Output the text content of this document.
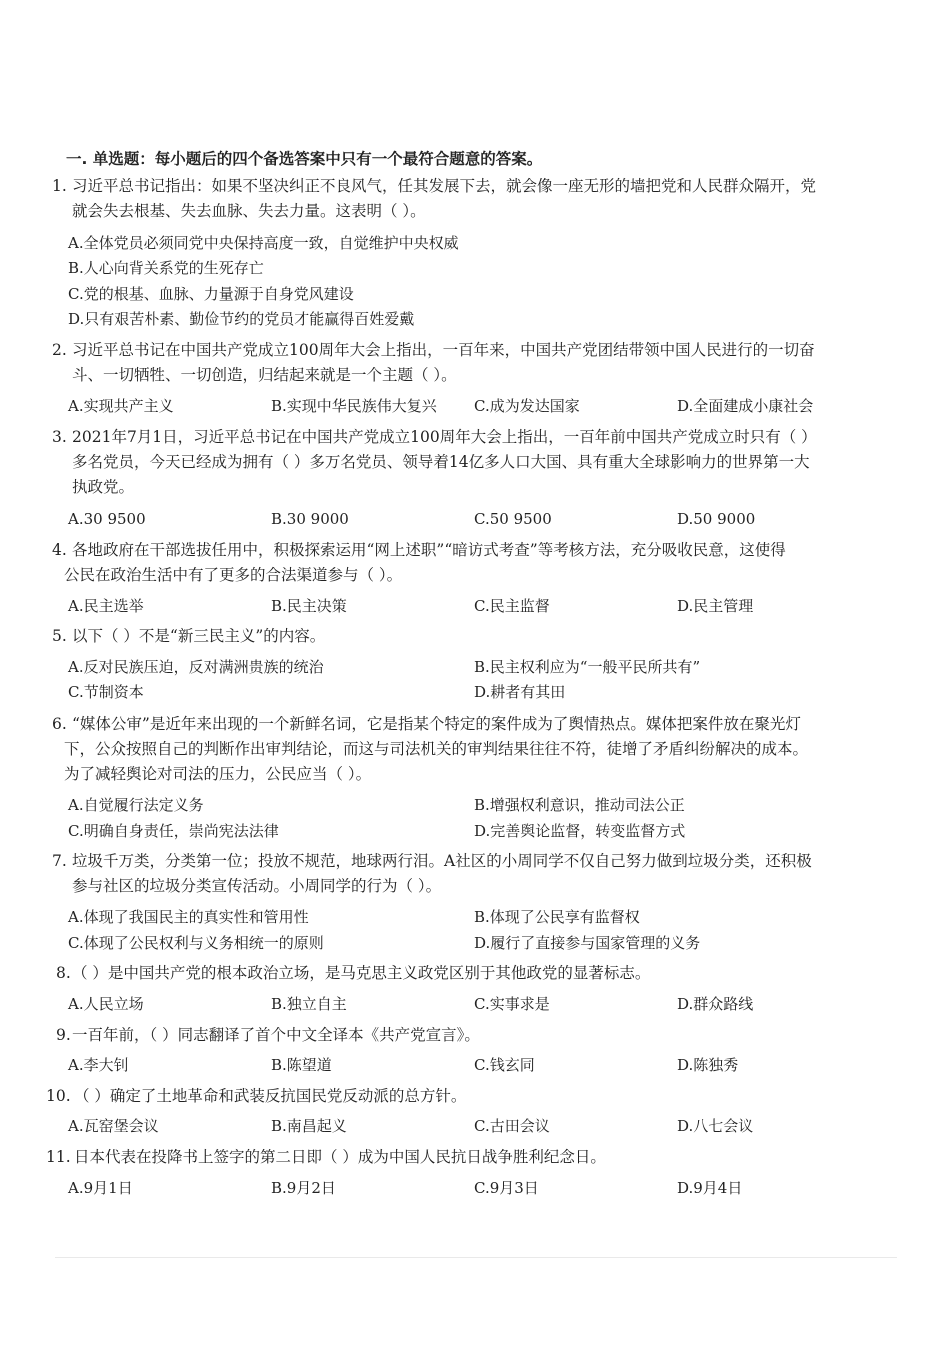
一. 单选题：每小题后的四个备选答案中只有一个最符合题意的答案。
1. 习近平总书记指出：如果不坚决纠正不良风气，任其发展下去，就会像一座无形的墙把党和人民群众隔开，党
就会失去根基、失去血脉、失去力量。这表明（ ）。
A.全体党员必须同党中央保持高度一致，自觉维护中央权威
B.人心向背关系党的生死存亡
C.党的根基、血脉、力量源于自身党风建设
D.只有艰苦朴素、勤俭节约的党员才能赢得百姓爱戴
2. 习近平总书记在中国共产党成立100周年大会上指出，一百年来，中国共产党团结带领中国人民进行的一切奋
斗、一切牺牲、一切创造，归结起来就是一个主题（ ）。
A.实现共产主义	B.实现中华民族伟大复兴 C.成为发达国家	D.全面建成小康社会
3. 2021年7月1日，习近平总书记在中国共产党成立100周年大会上指出，一百年前中国共产党成立时只有（ ）
多名党员，今天已经成为拥有（ ）多万名党员、领导着14亿多人口大国、具有重大全球影响力的世界第一大
执政党。
A.30 9500	B.30 9000	C.50 9500	D.50 9000
4. 各地政府在干部选拔任用中，积极探索运用“网上述职”“暗访式考查”等考核方法，充分吸收民意，这使得
公民在政治生活中有了更多的合法渠道参与（ ）。
A.民主选举	B.民主决策	C.民主监督	D.民主管理
5. 以下（ ）不是“新三民主义”的内容。
A.反对民族压迫，反对满洲贵族的统治	B.民主权利应为“一般平民所共有”
C.节制资本	D.耕者有其田
6. “媒体公审”是近年来出现的一个新鲜名词，它是指某个特定的案件成为了舆情热点。媒体把案件放在聚光灯
下，公众按照自己的判断作出审判结论，而这与司法机关的审判结果往往不符，徒增了矛盾纠纷解决的成本。
为了减轻舆论对司法的压力，公民应当（ ）。
A.自觉履行法定义务	B.增强权利意识，推动司法公正
C.明确自身责任，崇尚宪法法律	D.完善舆论监督，转变监督方式
7. 垃圾千万类，分类第一位；投放不规范，地球两行泪。A社区的小周同学不仅自己努力做到垃圾分类，还积极
参与社区的垃圾分类宣传活动。小周同学的行为（ ）。
A.体现了我国民主的真实性和管用性	B.体现了公民享有监督权
C.体现了公民权利与义务相统一的原则	D.履行了直接参与国家管理的义务
8. （ ）是中国共产党的根本政治立场，是马克思主义政党区别于其他政党的显著标志。
A.人民立场	B.独立自主	C.实事求是	D.群众路线
9. 一百年前，（ ）同志翻译了首个中文全译本《共产党宣言》。
A.李大钊	B.陈望道	C.钱玄同	D.陈独秀
10. （ ）确定了土地革命和武装反抗国民党反动派的总方针。
A.瓦窑堡会议	B.南昌起义	C.古田会议	D.八七会议
11. 日本代表在投降书上签字的第二日即（ ）成为中国人民抗日战争胜利纪念日。
A.9月1日	B.9月2日	C.9月3日	D.9月4日
